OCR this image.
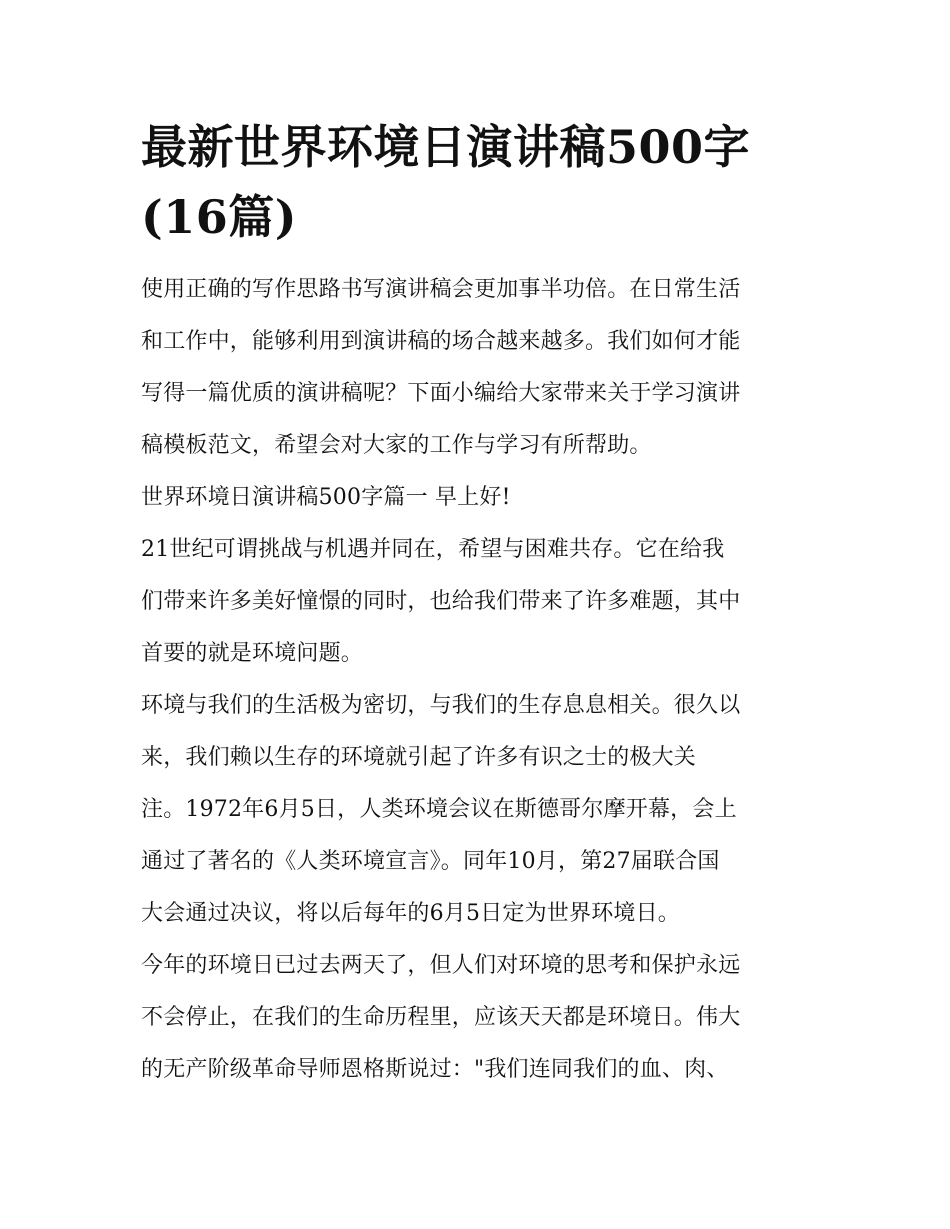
最新世界环境日演讲稿500字
(16篇)

使用正确的写作思路书写演讲稿会更加事半功倍。在日常生活
和工作中，能够利用到演讲稿的场合越来越多。我们如何才能
写得一篇优质的演讲稿呢？下面小编给大家带来关于学习演讲
稿模板范文，希望会对大家的工作与学习有所帮助。

世界环境日演讲稿500字篇一 早上好!

21世纪可谓挑战与机遇并同在，希望与困难共存。它在给我
们带来许多美好憧憬的同时，也给我们带来了许多难题，其中
首要的就是环境问题。

环境与我们的生活极为密切，与我们的生存息息相关。很久以
来，我们赖以生存的环境就引起了许多有识之士的极大关
注。1972年6月5日，人类环境会议在斯德哥尔摩开幕，会上
通过了著名的《人类环境宣言》。同年10月，第27届联合国
大会通过决议，将以后每年的6月5日定为世界环境日。

今年的环境日已过去两天了，但人们对环境的思考和保护永远
不会停止，在我们的生命历程里，应该天天都是环境日。伟大
的无产阶级革命导师恩格斯说过："我们连同我们的血、肉、
